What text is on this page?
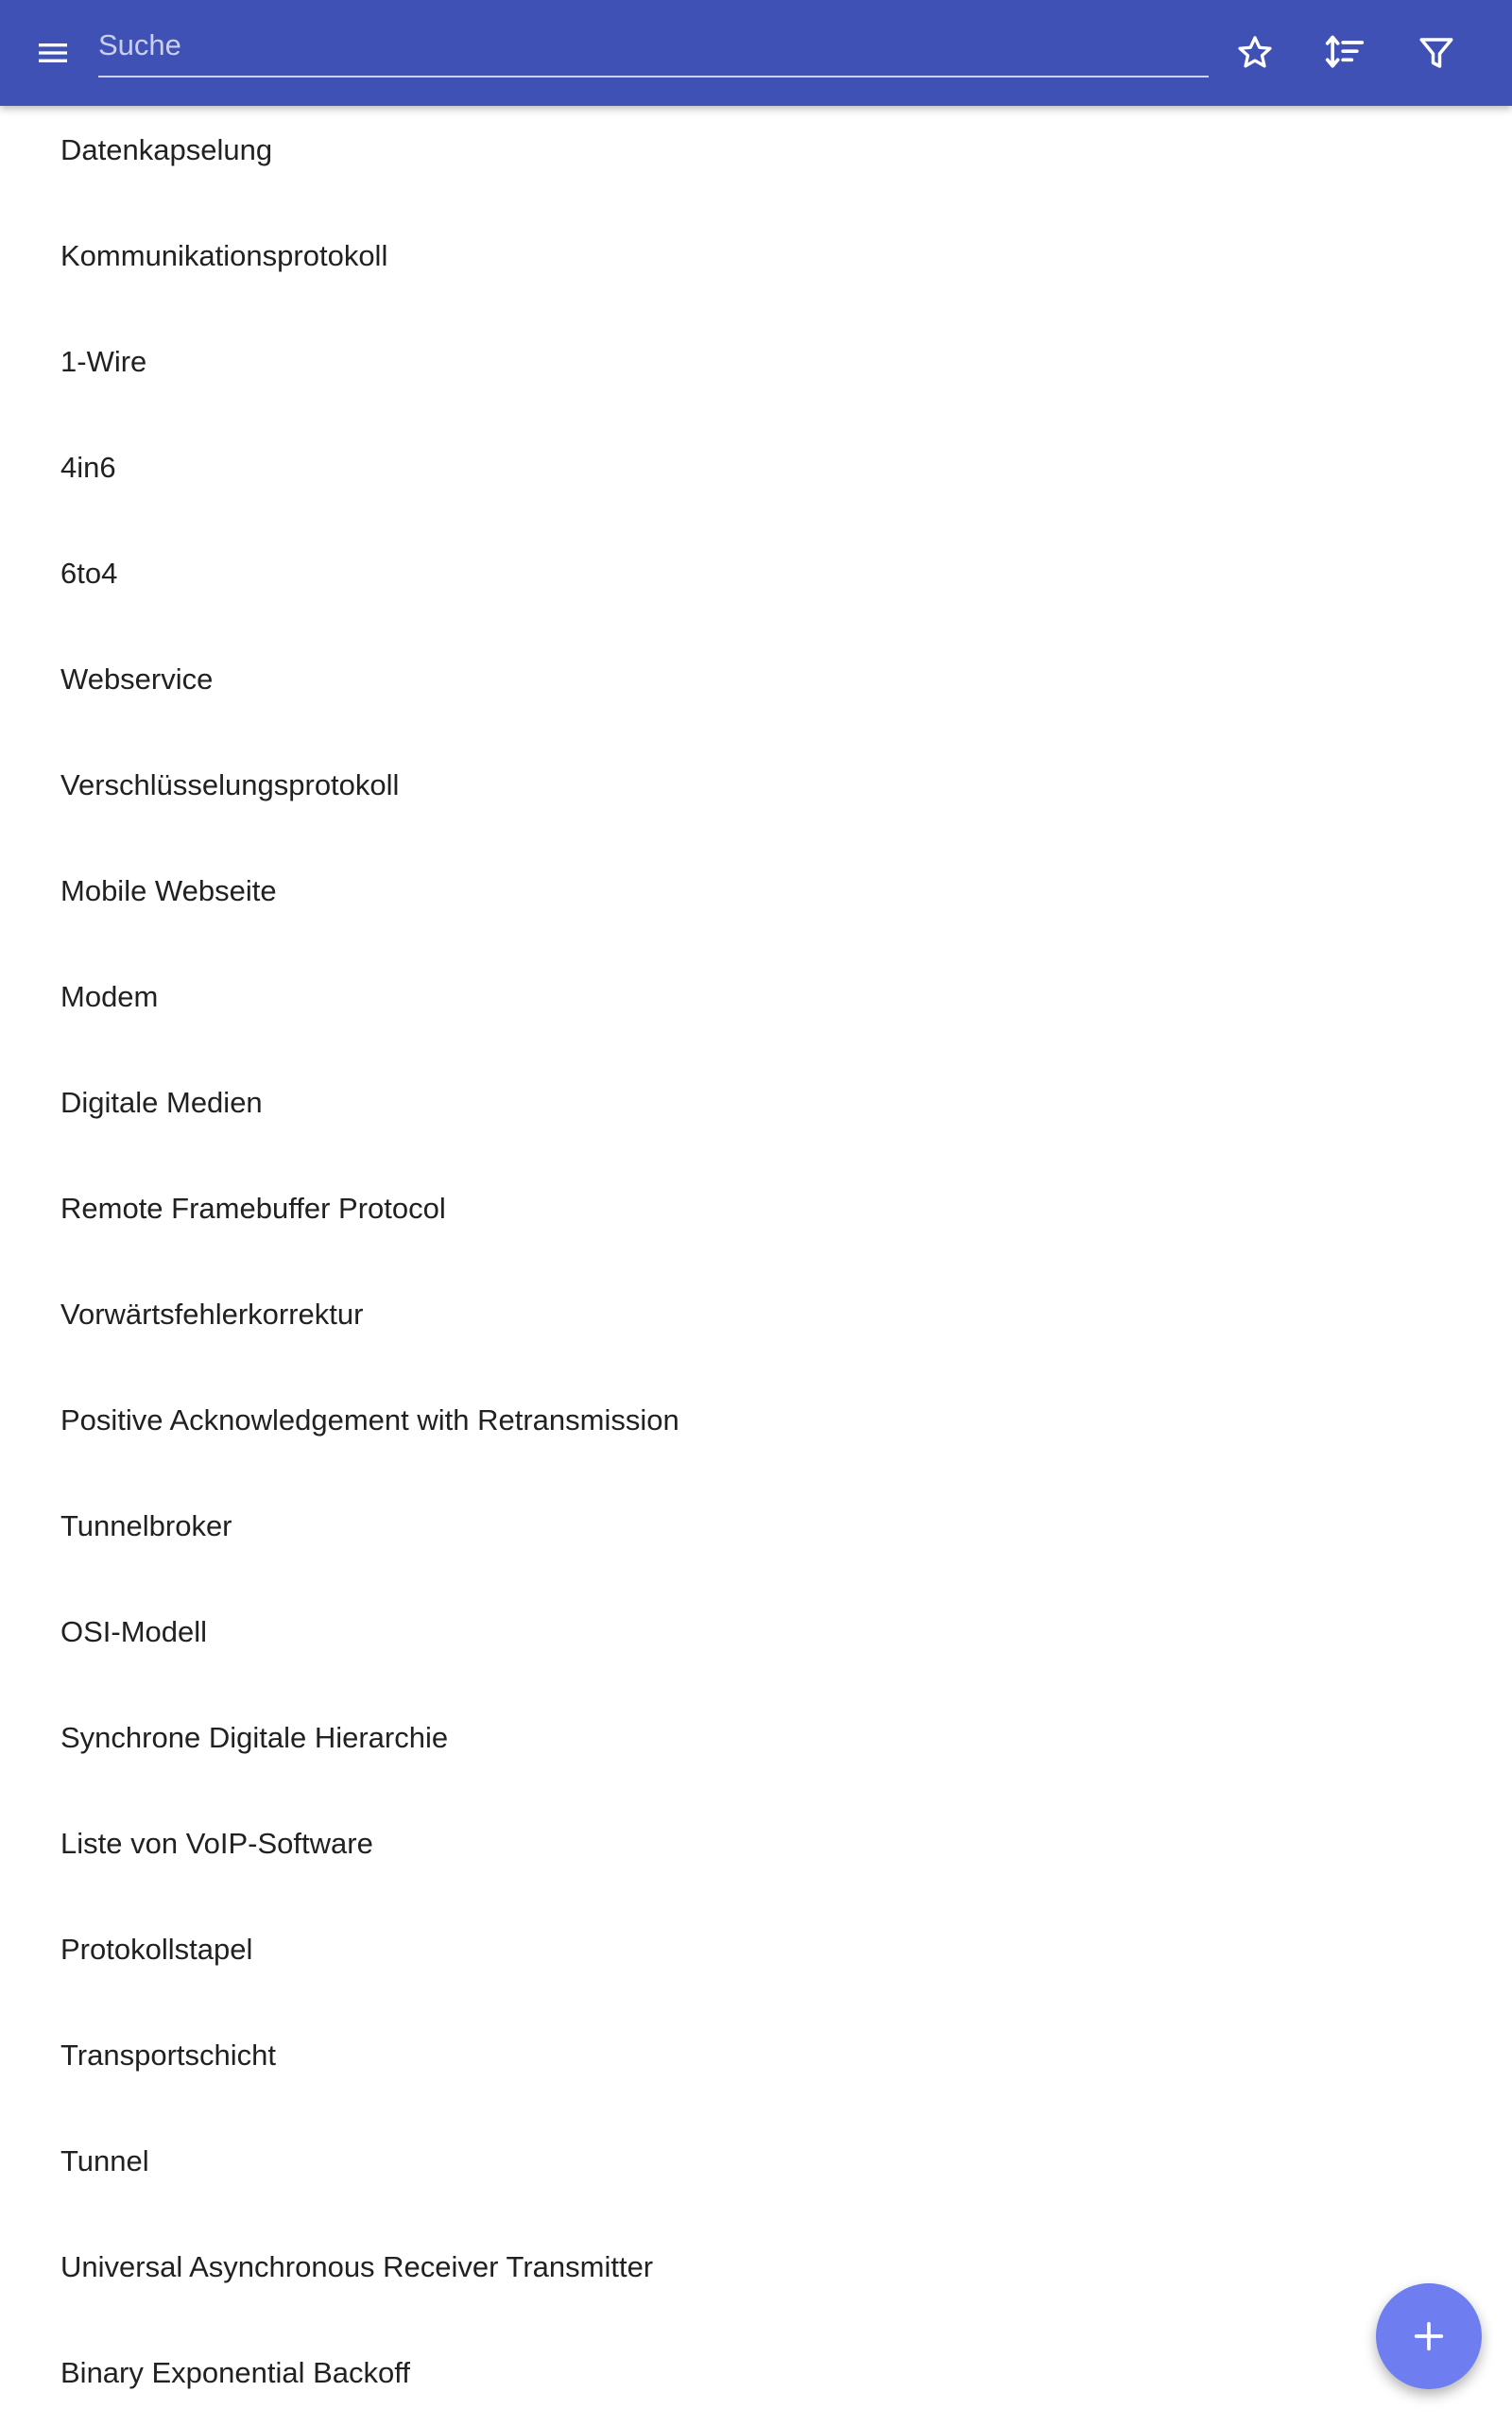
Suche
Datenkapselung
Kommunikationsprotokoll
1-Wire
4in6
6to4
Webservice
Verschlüsselungsprotokoll
Mobile Webseite
Modem
Digitale Medien
Remote Framebuffer Protocol
Vorwärtsfehlerkorrektur
Positive Acknowledgement with Retransmission
Tunnelbroker
OSI-Modell
Synchrone Digitale Hierarchie
Liste von VoIP-Software
Protokollstapel
Transportschicht
Tunnel
Universal Asynchronous Receiver Transmitter
Binary Exponential Backoff
